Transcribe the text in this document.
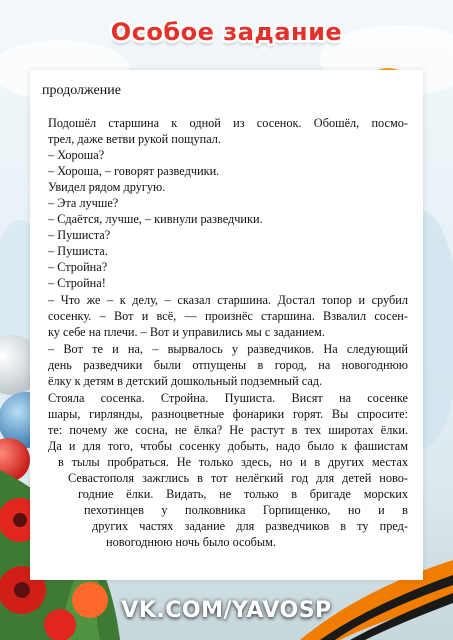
Особое задание
продолжение
Подошёл старшина к одной из сосенок. Обошёл, посмо-
трел, даже ветви рукой пощупал.
– Хороша?
– Хороша, – говорят разведчики.
Увидел рядом другую.
– Эта лучше?
– Сдаётся, лучше, – кивнули разведчики.
– Пушиста?
– Пушиста.
– Стройна?
– Стройна!
– Что же – к делу, – сказал старшина. Достал топор и срубил
сосенку. – Вот и всё, — произнёс старшина. Взвалил сосен-
ку себе на плечи. – Вот и управились мы с заданием.
– Вот те и на, – вырвалось у разведчиков. На следующий
день разведчики были отпущены в город, на новогоднюю
ёлку к детям в детский дошкольный подземный сад.
Стояла сосенка. Стройна. Пушиста. Висят на сосенке
шары, гирлянды, разноцветные фонарики горят. Вы спросите:
те: почему же сосна, не ёлка? Не растут в тех широтах ёлки.
Да и для того, чтобы сосенку добыть, надо было к фашистам
в тылы пробраться. Не только здесь, но и в других местах
Севастополя зажглись в тот нелёгкий год для детей ново-
годние ёлки. Видать, не только в бригаде морских
пехотинцев у полковника Горпищенко, но и в
других частях задание для разведчиков в ту пред-
новогоднюю ночь было особым.
VK.COM/YAVOSP
